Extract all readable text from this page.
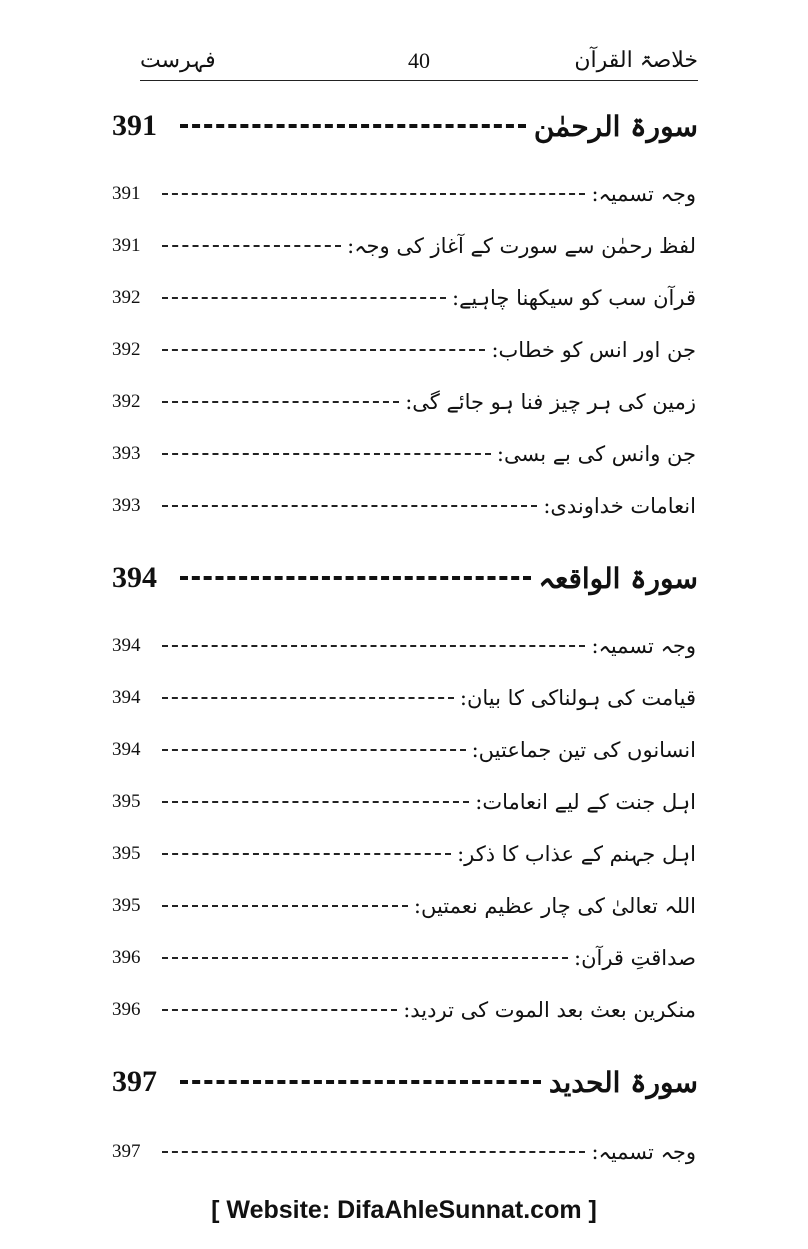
فہرست	40	خلاصۃ القرآن
391	سورۃ الرحمٰن
391	وجہ تسمیہ:
391	لفظ رحمٰن سے سورت کے آغاز کی وجہ:
392	قرآن سب کو سیکھنا چاہیے:
392	جن اور انس کو خطاب:
392	زمین کی ہر چیز فنا ہو جائے گی:
393	جن وانس کی بے بسی:
393	انعامات خداوندی:
394	سورۃ الواقعہ
394	وجہ تسمیہ:
394	قیامت کی ہولناکی کا بیان:
394	انسانوں کی تین جماعتیں:
395	اہل جنت کے لیے انعامات:
395	اہل جہنم کے عذاب کا ذکر:
395	اللہ تعالیٰ کی چار عظیم نعمتیں:
396	صداقتِ قرآن:
396	منکرین بعث بعد الموت کی تردید:
397	سورۃ الحدید
397	وجہ تسمیہ:
[ Website: DifaAhleSunnat.com ]
